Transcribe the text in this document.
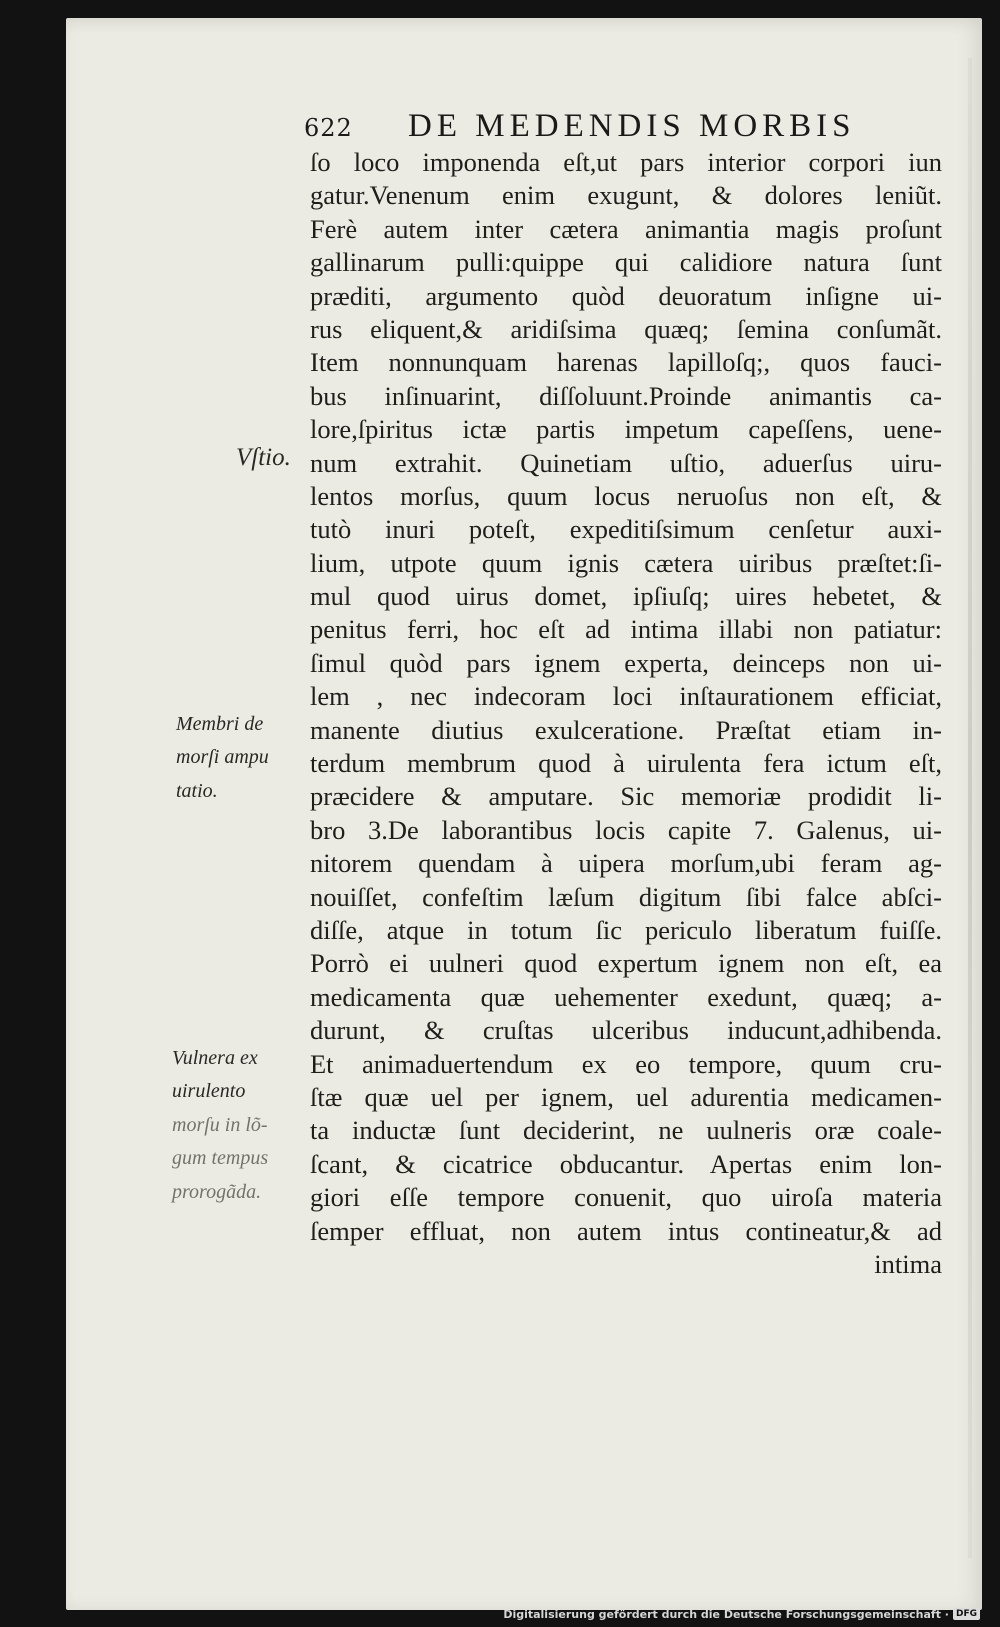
622 DE MEDENDIS MORBIS
ſo loco imponenda eſt,ut pars interior corpori iun
gatur.Venenum enim exugunt, & dolores leniũt.
Ferè autem inter cætera animantia magis proſunt
gallinarum pulli:quippe qui calidiore natura ſunt
præditi, argumento quòd deuoratum inſigne ui-
rus eliquent,& aridiſsima quæq; ſemina conſumãt.
Item nonnunquam harenas lapilloſq;, quos fauci-
bus inſinuarint, diſſoluunt.Proinde animantis ca-
lore,ſpiritus ictæ partis impetum capeſſens, uene-
num extrahit. Quinetiam uſtio, aduerſus uiru-
lentos morſus, quum locus neruoſus non eſt, &
tutò inuri poteſt, expeditiſsimum cenſetur auxi-
lium, utpote quum ignis cætera uiribus præſtet:ſi-
mul quod uirus domet, ipſiuſq; uires hebetet, &
penitus ferri, hoc eſt ad intima illabi non patiatur:
ſimul quòd pars ignem experta, deinceps non ui-
lem , nec indecoram loci inſtaurationem efficiat,
manente diutius exulceratione. Præſtat etiam in-
terdum membrum quod à uirulenta fera ictum eſt,
præcidere & amputare. Sic memoriæ prodidit li-
bro 3.De laborantibus locis capite 7. Galenus, ui-
nitorem quendam à uipera morſum,ubi feram ag-
nouiſſet, confeſtim læſum digitum ſibi falce abſci-
diſſe, atque in totum ſic periculo liberatum fuiſſe.
Porrò ei uulneri quod expertum ignem non eſt, ea
medicamenta quæ uehementer exedunt, quæq; a-
durunt, & cruſtas ulceribus inducunt,adhibenda.
Et animaduertendum ex eo tempore, quum cru-
ſtæ quæ uel per ignem, uel adurentia medicamen-
ta inductæ ſunt deciderint, ne uulneris oræ coale-
ſcant, & cicatrice obducantur. Apertas enim lon-
giori eſſe tempore conuenit, quo uiroſa materia
ſemper effluat, non autem intus contineatur,& ad
intima
Vſtio.
Membri de
morſi ampu
tatio.
Vulnera ex
uirulento
morſu in lõ-
gum tempus
prorogãda.
Digitalisierung gefördert durch die Deutsche Forschungsgemeinschaft · DFG
